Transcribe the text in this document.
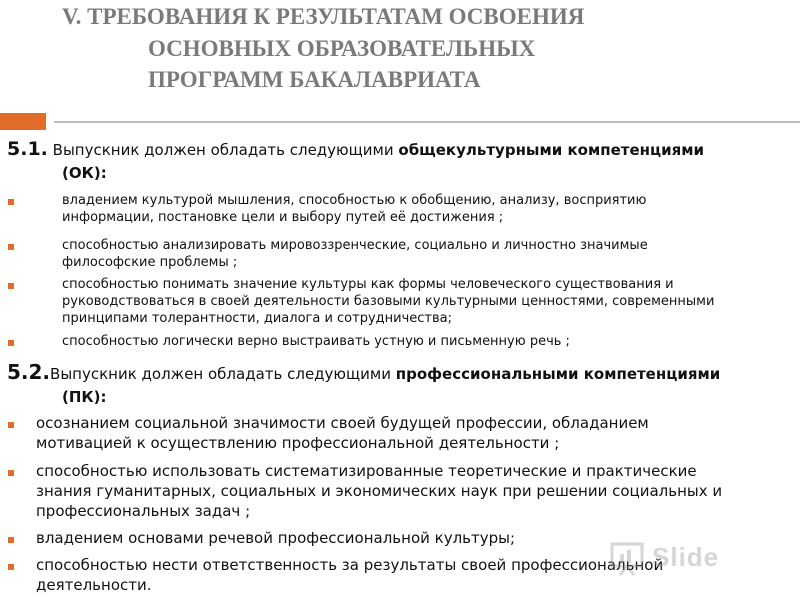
V. ТРЕБОВАНИЯ К РЕЗУЛЬТАТАМ ОСВОЕНИЯ
ОСНОВНЫХ ОБРАЗОВАТЕЛЬНЫХ
ПРОГРАММ БАКАЛАВРИАТА
5.1. Выпускник должен обладать следующими общекультурными компетенциями
(ОК):
владением культурой мышления, способностью к обобщению, анализу, восприятию
информации, постановке цели и выбору путей её достижения ;
способностью анализировать мировоззренческие, социально и личностно значимые
философские проблемы ;
способностью понимать значение культуры как формы человеческого существования и
руководствоваться в своей деятельности базовыми культурными ценностями, современными
принципами толерантности, диалога и сотрудничества;
способностью логически верно выстраивать устную и письменную речь ;
5.2.Выпускник должен обладать следующими профессиональными компетенциями
(ПК):
осознанием социальной значимости своей будущей профессии, обладанием
мотивацией к осуществлению профессиональной деятельности ;
способностью использовать систематизированные теоретические и практические
знания гуманитарных, социальных и экономических наук при решении социальных и
профессиональных задач ;
владением основами речевой профессиональной культуры;
способностью нести ответственность за результаты своей профессиональной
деятельности.
Slide
